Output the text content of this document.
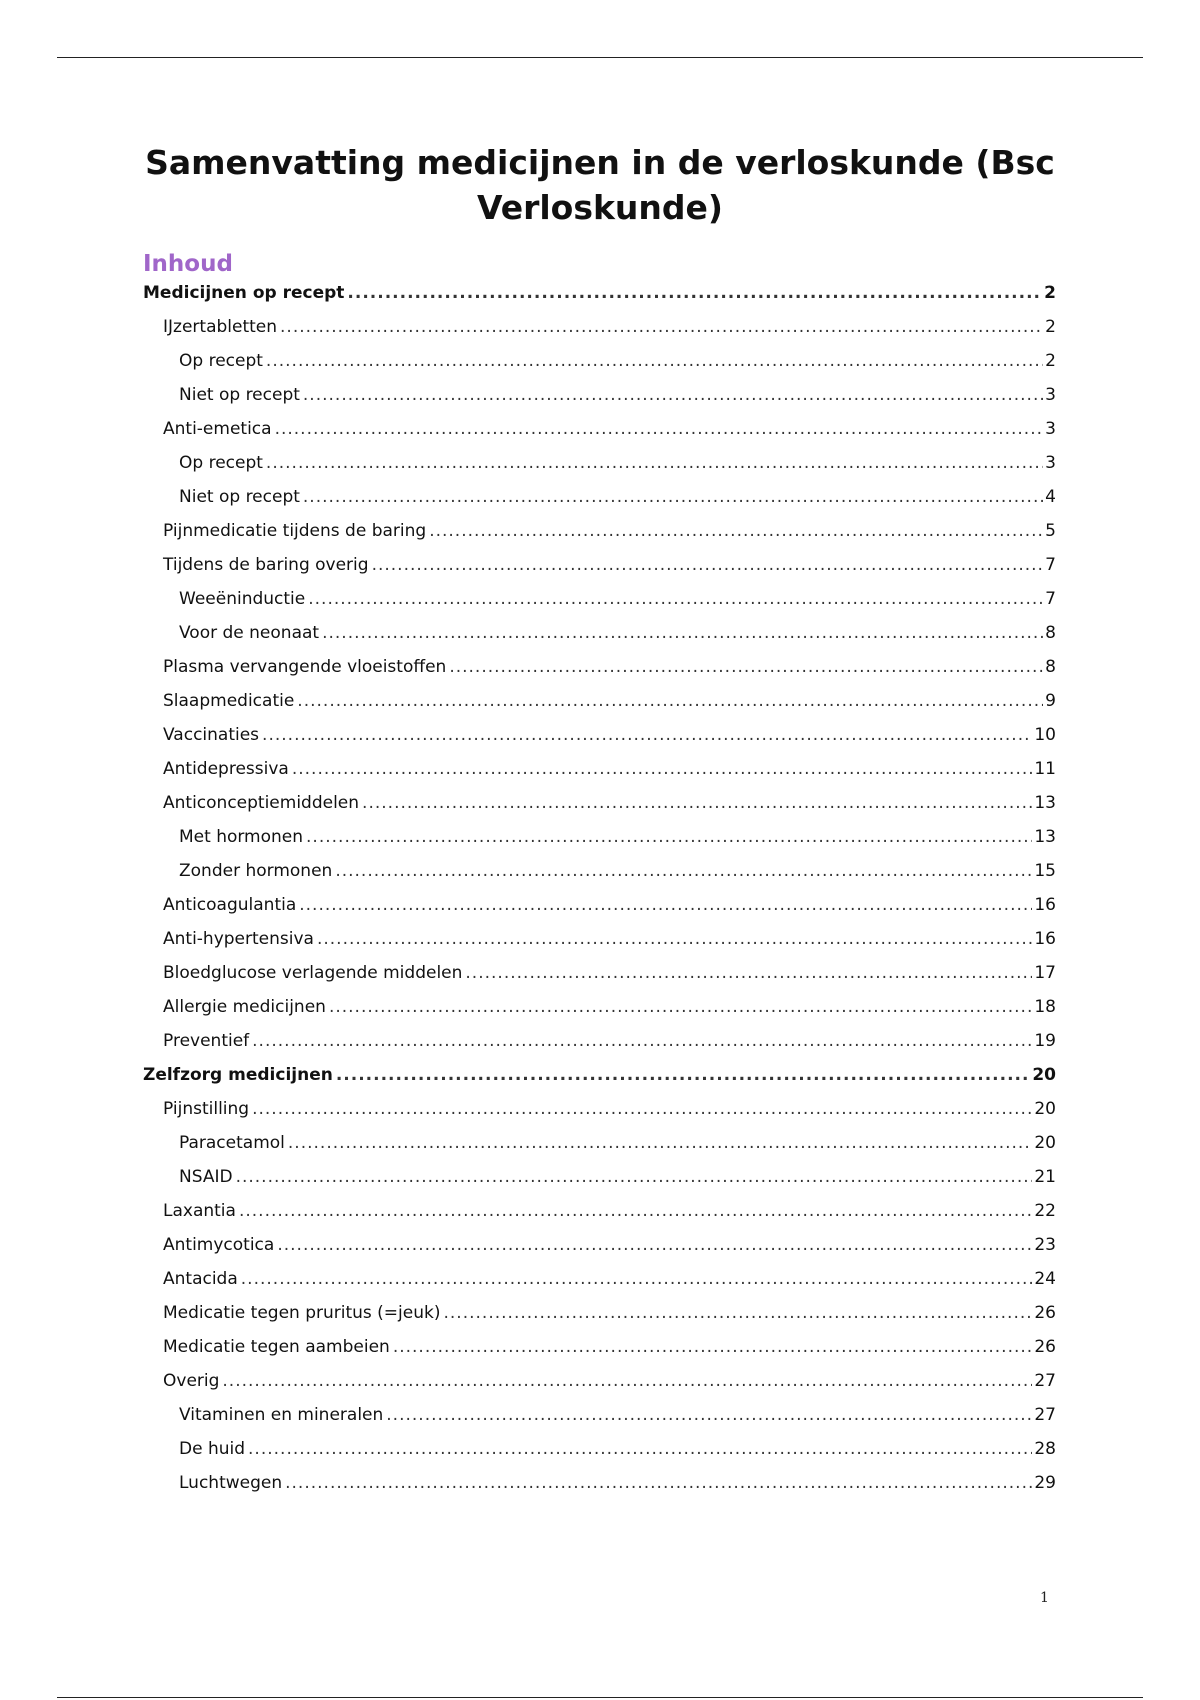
Samenvatting medicijnen in de verloskunde (Bsc Verloskunde)
Inhoud
Medicijnen op recept .....	2
IJzertabletten .....	2
Op recept .....	2
Niet op recept .....	3
Anti-emetica .....	3
Op recept .....	3
Niet op recept .....	4
Pijnmedicatie tijdens de baring .....	5
Tijdens de baring overig .....	7
Weeëninductie .....	7
Voor de neonaat .....	8
Plasma vervangende vloeistoffen .....	8
Slaapmedicatie .....	9
Vaccinaties .....	10
Antidepressiva .....	11
Anticonceptiemiddelen .....	13
Met hormonen .....	13
Zonder hormonen .....	15
Anticoagulantia .....	16
Anti-hypertensiva .....	16
Bloedglucose verlagende middelen .....	17
Allergie medicijnen .....	18
Preventief .....	19
Zelfzorg medicijnen .....	20
Pijnstilling .....	20
Paracetamol .....	20
NSAID .....	21
Laxantia .....	22
Antimycotica .....	23
Antacida .....	24
Medicatie tegen pruritus (=jeuk) .....	26
Medicatie tegen aambeien .....	26
Overig .....	27
Vitaminen en mineralen .....	27
De huid .....	28
Luchtwegen .....	29
1
